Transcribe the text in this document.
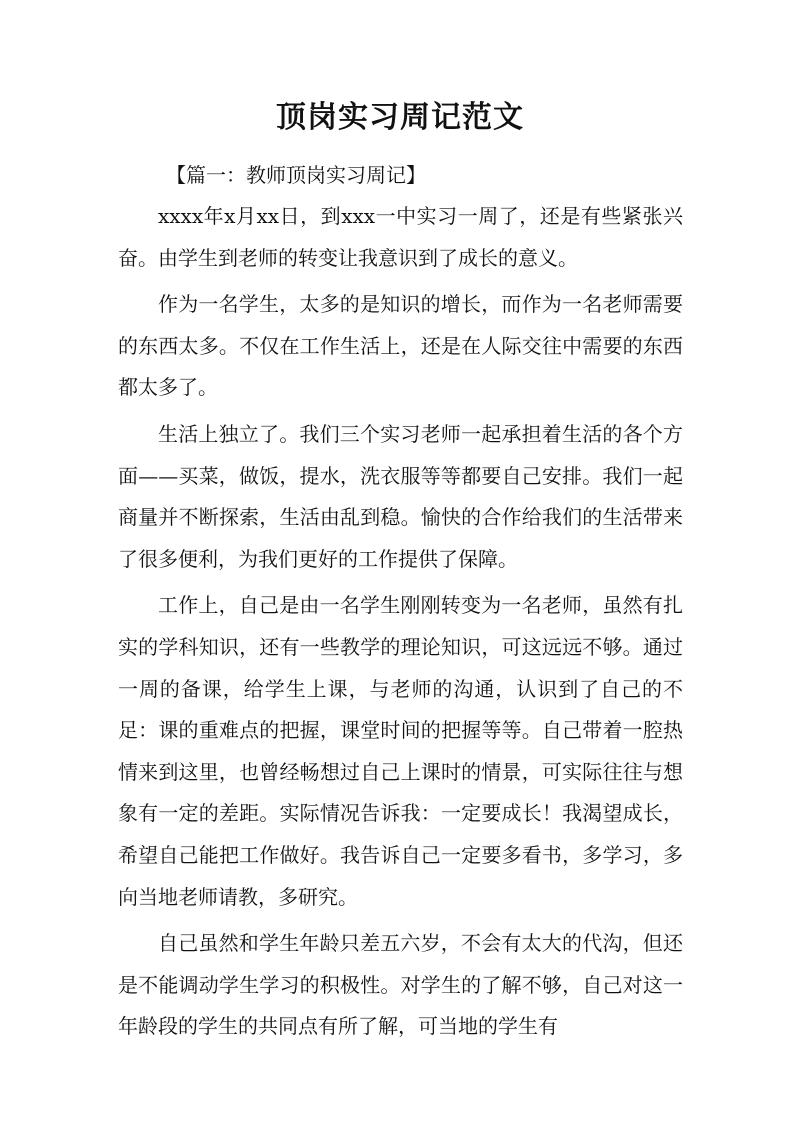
顶岗实习周记范文

【篇一：教师顶岗实习周记】

xxxx年x月xx日，到xxx一中实习一周了，还是有些紧张兴奋。由学生到老师的转变让我意识到了成长的意义。

作为一名学生，太多的是知识的增长，而作为一名老师需要的东西太多。不仅在工作生活上，还是在人际交往中需要的东西都太多了。

生活上独立了。我们三个实习老师一起承担着生活的各个方面——买菜，做饭，提水，洗衣服等等都要自己安排。我们一起商量并不断探索，生活由乱到稳。愉快的合作给我们的生活带来了很多便利，为我们更好的工作提供了保障。

工作上，自己是由一名学生刚刚转变为一名老师，虽然有扎实的学科知识，还有一些教学的理论知识，可这远远不够。通过一周的备课，给学生上课，与老师的沟通，认识到了自己的不足：课的重难点的把握，课堂时间的把握等等。自己带着一腔热情来到这里，也曾经畅想过自己上课时的情景，可实际往往与想象有一定的差距。实际情况告诉我：一定要成长！我渴望成长，希望自己能把工作做好。我告诉自己一定要多看书，多学习，多向当地老师请教，多研究。

自己虽然和学生年龄只差五六岁，不会有太大的代沟，但还是不能调动学生学习的积极性。对学生的了解不够，自己对这一年龄段的学生的共同点有所了解，可当地的学生有
